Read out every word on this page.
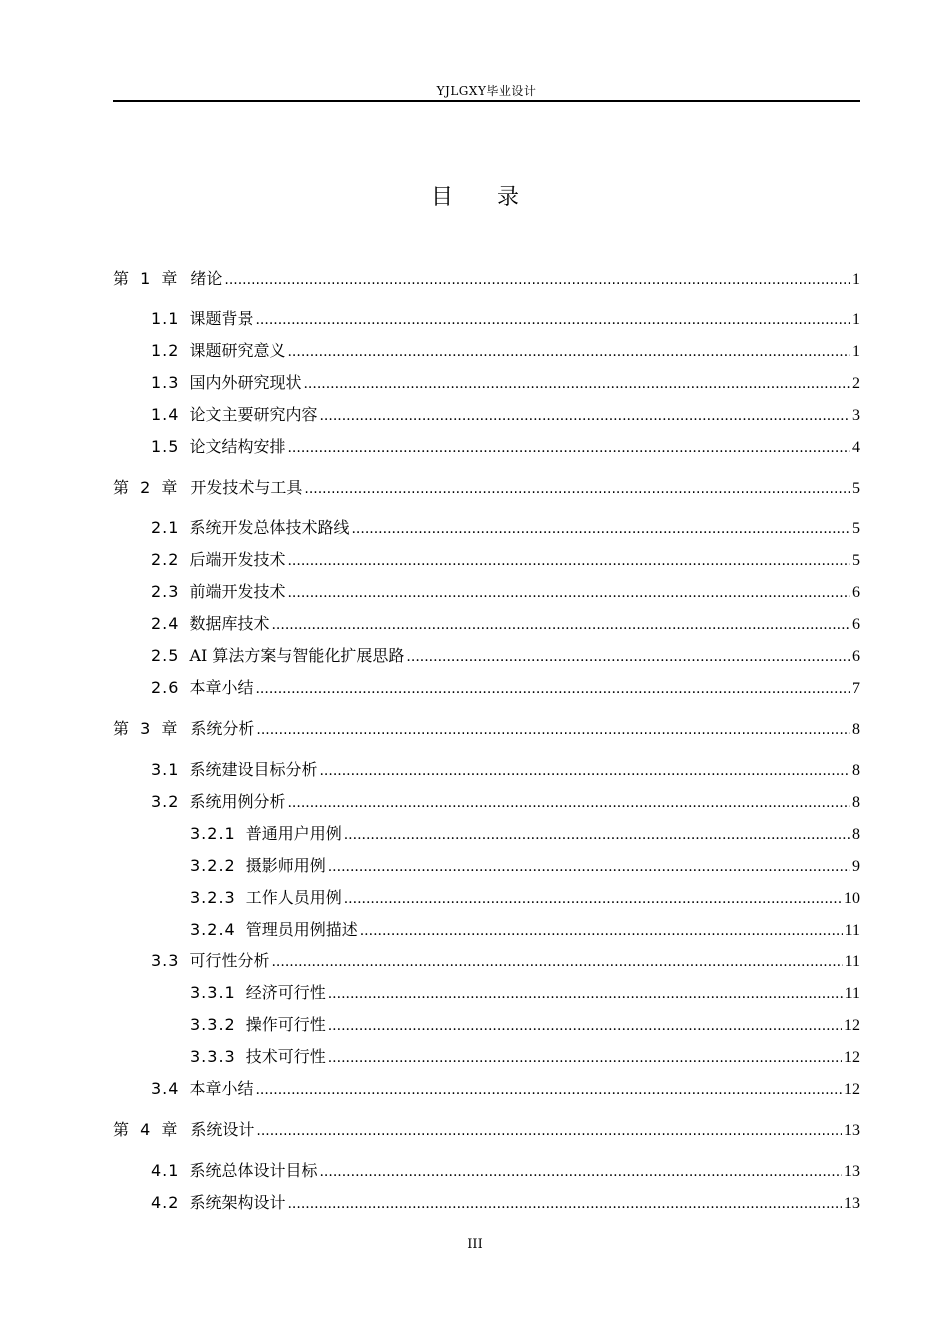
YJLGXY毕业设计
目 录
第 1 章 绪论 .....	1
1.1 课题背景 .....	1
1.2 课题研究意义 .....	1
1.3 国内外研究现状 .....	2
1.4 论文主要研究内容 .....	3
1.5 论文结构安排 .....	4
第 2 章 开发技术与工具 .....	5
2.1 系统开发总体技术路线 .....	5
2.2 后端开发技术 .....	5
2.3 前端开发技术 .....	6
2.4 数据库技术 .....	6
2.5 AI 算法方案与智能化扩展思路 .....	6
2.6 本章小结 .....	7
第 3 章 系统分析 .....	8
3.1 系统建设目标分析 .....	8
3.2 系统用例分析 .....	8
3.2.1 普通用户用例 .....	8
3.2.2 摄影师用例 .....	9
3.2.3 工作人员用例 .....	10
3.2.4 管理员用例描述 .....	11
3.3 可行性分析 .....	11
3.3.1 经济可行性 .....	11
3.3.2 操作可行性 .....	12
3.3.3 技术可行性 .....	12
3.4 本章小结 .....	12
第 4 章 系统设计 .....	13
4.1 系统总体设计目标 .....	13
4.2 系统架构设计 .....	13
III
